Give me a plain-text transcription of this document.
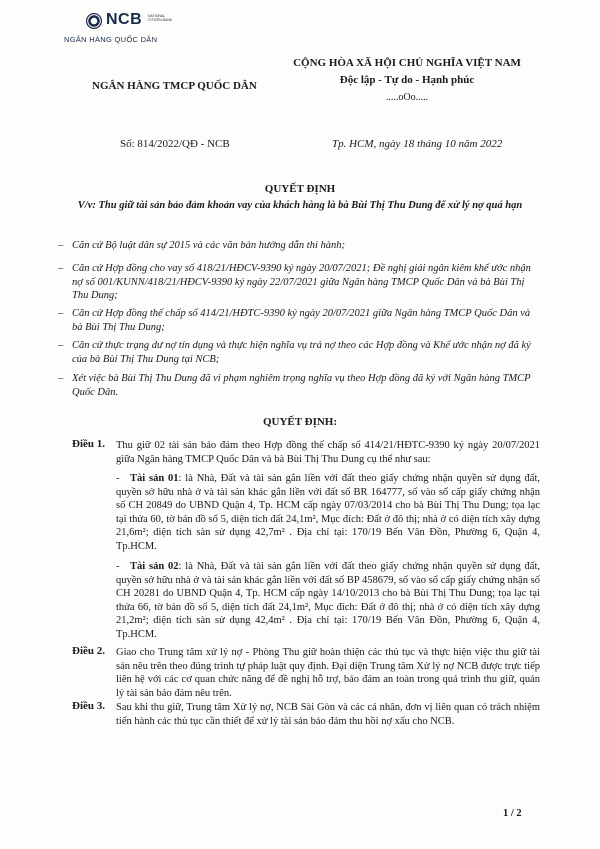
NCB NATIONAL CITIZEN BANK
NGÂN HÀNG QUỐC DÂN
NGÂN HÀNG TMCP QUỐC DÂN
CỘNG HÒA XÃ HỘI CHỦ NGHĨA VIỆT NAM
Độc lập - Tự do - Hạnh phúc
.....oOo.....
Số: 814/2022/QĐ - NCB	Tp. HCM, ngày 18 tháng 10 năm 2022
QUYẾT ĐỊNH
V/v: Thu giữ tài sản bảo đảm khoản vay của khách hàng là bà Bùi Thị Thu Dung để xử lý nợ quá hạn
– Căn cứ Bộ luật dân sự 2015 và các văn bản hướng dẫn thi hành;
– Căn cứ Hợp đồng cho vay số 418/21/HĐCV-9390 ký ngày 20/07/2021; Đề nghị giải ngân kiêm khế ước nhận nợ số 001/KUNN/418/21/HĐCV-9390 ký ngày 22/07/2021 giữa Ngân hàng TMCP Quốc Dân và bà Bùi Thị Thu Dung;
– Căn cứ Hợp đồng thế chấp số 414/21/HĐTC-9390 ký ngày 20/07/2021 giữa Ngân hàng TMCP Quốc Dân và bà Bùi Thị Thu Dung;
– Căn cứ thực trạng dư nợ tín dụng và thực hiện nghĩa vụ trả nợ theo các Hợp đồng và Khế ước nhận nợ đã ký của bà Bùi Thị Thu Dung tại NCB;
– Xét việc bà Bùi Thị Thu Dung đã vi phạm nghiêm trọng nghĩa vụ theo Hợp đồng đã ký với Ngân hàng TMCP Quốc Dân.
QUYẾT ĐỊNH:
Điều 1. Thu giữ 02 tài sản bảo đảm theo Hợp đồng thế chấp số 414/21/HĐTC-9390 ký ngày 20/07/2021 giữa Ngân hàng TMCP Quốc Dân và bà Bùi Thị Thu Dung cụ thể như sau:
- Tài sản 01: là Nhà, Đất và tài sản gắn liền với đất theo giấy chứng nhận quyền sử dụng đất, quyền sở hữu nhà ở và tài sản khác gắn liền với đất số BR 164777, số vào sổ cấp giấy chứng nhận số CH 20849 do UBND Quận 4, Tp. HCM cấp ngày 07/03/2014 cho bà Bùi Thị Thu Dung; tọa lạc tại thửa 60, tờ bản đồ số 5, diện tích đất 24,1m², Mục đích: Đất ở đô thị; nhà ở có diện tích xây dựng 21,6m²; diện tích sàn sử dụng 42,7m² . Địa chỉ tại: 170/19 Bến Vân Đồn, Phường 6, Quận 4, Tp.HCM.
- Tài sản 02: là Nhà, Đất và tài sản gắn liền với đất theo giấy chứng nhận quyền sử dụng đất, quyền sở hữu nhà ở và tài sản khác gắn liền với đất số BP 458679, số vào sổ cấp giấy chứng nhận số CH 20281 do UBND Quận 4, Tp. HCM cấp ngày 14/10/2013 cho bà Bùi Thị Thu Dung; tọa lạc tại thửa 66, tờ bản đồ số 5, diện tích đất 24,1m², Mục đích: Đất ở đô thị; nhà ở có diện tích xây dựng 21,2m²; diện tích sàn sử dụng 42,4m² . Địa chỉ tại: 170/19 Bến Vân Đồn, Phường 6, Quận 4, Tp.HCM.
Điều 2. Giao cho Trung tâm xử lý nợ - Phòng Thu giữ hoàn thiện các thủ tục và thực hiện việc thu giữ tài sản nêu trên theo đúng trình tự pháp luật quy định. Đại diện Trung tâm Xử lý nợ NCB được trực tiếp liên hệ với các cơ quan chức năng để đề nghị hỗ trợ, bảo đảm an toàn trong quá trình thu giữ, quản lý tài sản bảo đảm nêu trên.
Điều 3. Sau khi thu giữ, Trung tâm Xử lý nợ, NCB Sài Gòn và các cá nhân, đơn vị liên quan có trách nhiệm tiến hành các thủ tục cần thiết để xử lý tài sản bảo đảm thu hồi nợ xấu cho NCB.
1 / 2
